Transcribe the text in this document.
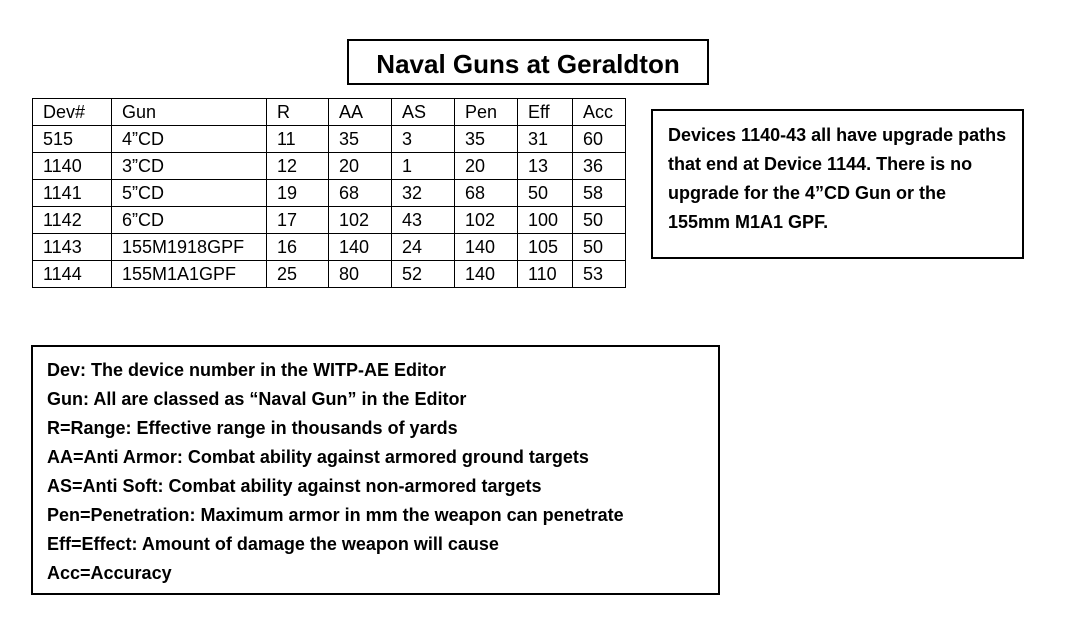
Naval Guns at Geraldton
Dev#	Gun	R	AA	AS	Pen	Eff	Acc
515	4”CD	11	35	3	35	31	60
1140	3”CD	12	20	1	20	13	36
1141	5”CD	19	68	32	68	50	58
1142	6”CD	17	102	43	102	100	50
1143	155M1918GPF	16	140	24	140	105	50
1144	155M1A1GPF	25	80	52	140	110	53
Devices 1140-43 all have upgrade paths that end at Device 1144. There is no upgrade for the 4”CD Gun or the 155mm M1A1 GPF.
Dev: The device number in the WITP-AE Editor
Gun: All are classed as “Naval Gun” in the Editor
R=Range: Effective range in thousands of yards
AA=Anti Armor: Combat ability against armored ground targets
AS=Anti Soft: Combat ability against non-armored targets
Pen=Penetration: Maximum armor in mm the weapon can penetrate
Eff=Effect: Amount of damage the weapon will cause
Acc=Accuracy
